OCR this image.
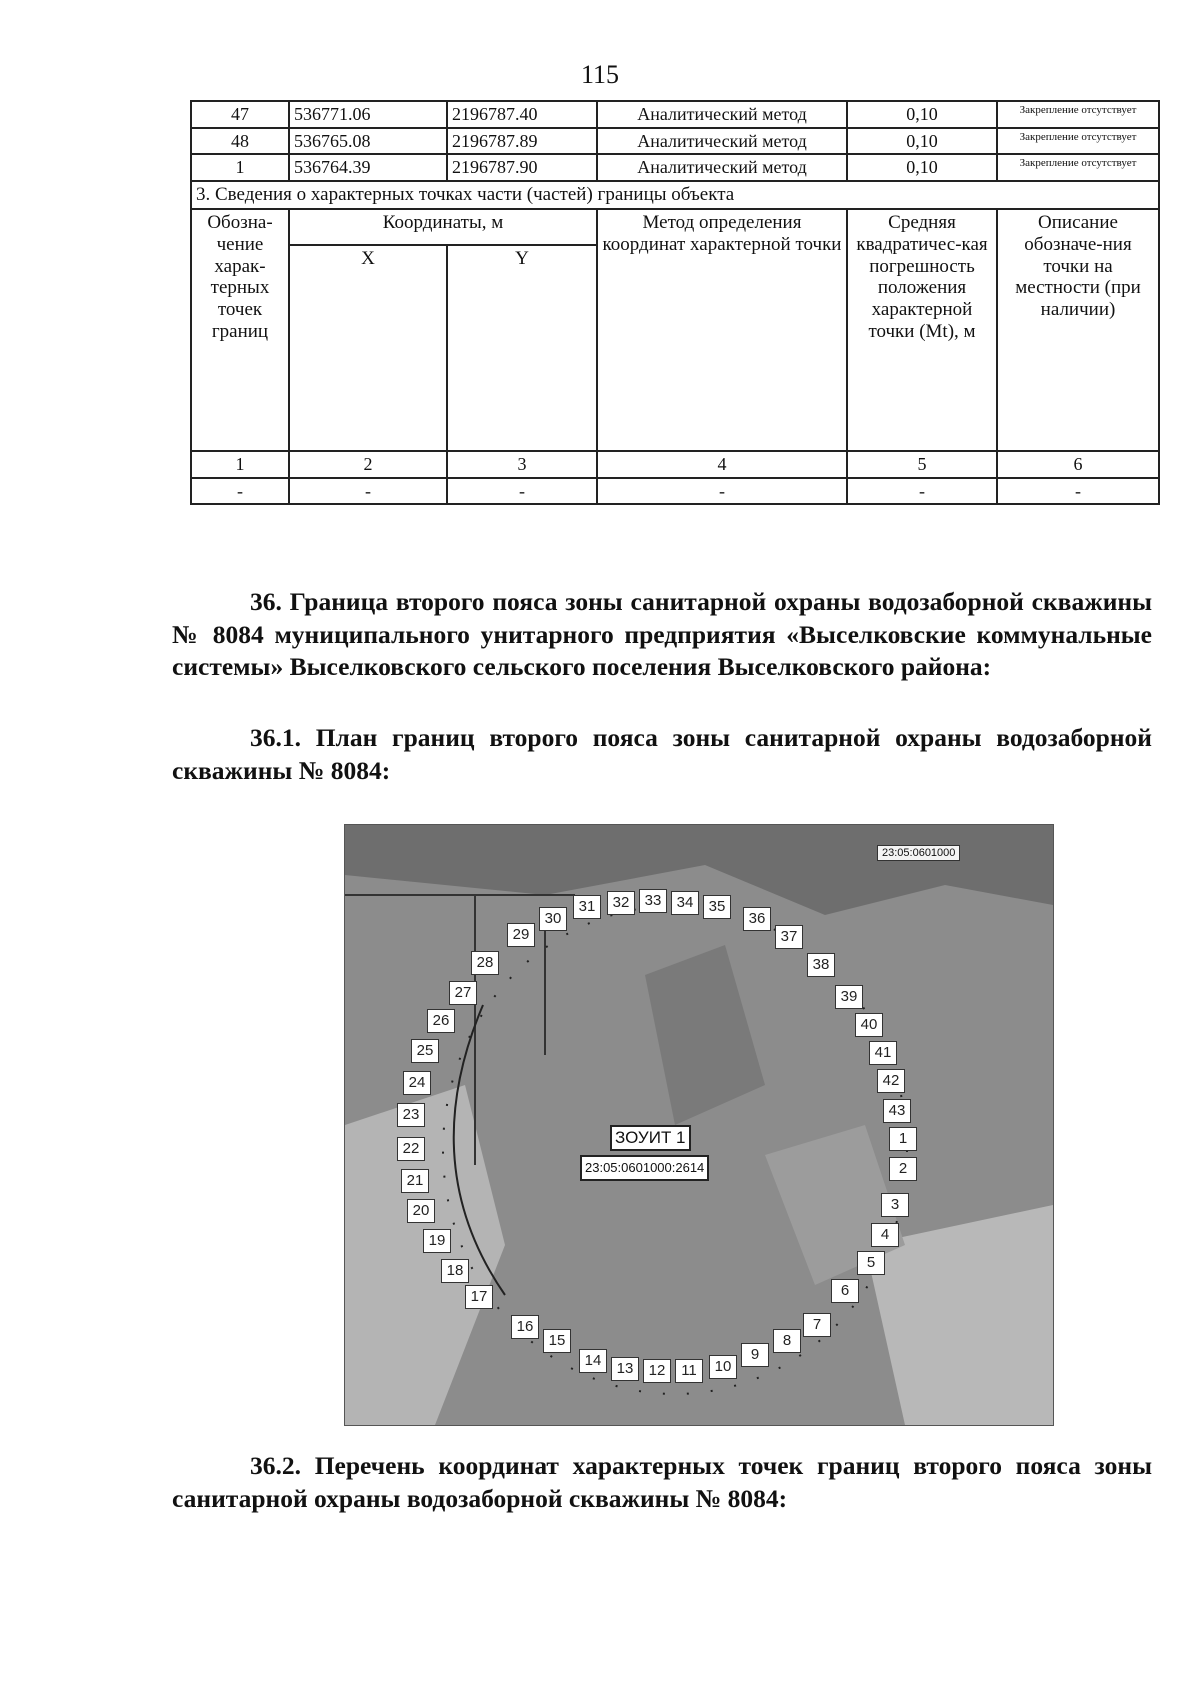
115
47	536771.06	2196787.40	Аналитический метод	0,10	Закрепление отсутствует
48	536765.08	2196787.89	Аналитический метод	0,10	Закрепление отсутствует
1	536764.39	2196787.90	Аналитический метод	0,10	Закрепление отсутствует
3. Сведения о характерных точках части (частей) границы объекта					
Обозна-чение харак-терных точек границ	Координаты, м		Метод определения координат характерной точки	Средняя квадратичес-кая погрешность положения характерной точки (Mt), м	Описание обозначе-ния точки на местности (при наличии)
	X	Y			
1	2	3	4	5	6
-	-	-	-	-	-
36. Граница второго пояса зоны санитарной охраны водозаборной скважины № 8084 муниципального унитарного предприятия «Выселковские коммунальные системы» Выселковского сельского поселения Выселковского района:
36.1. План границ второго пояса зоны санитарной охраны водозаборной скважины № 8084:
23:05:0601000
ЗОУИТ 1
23:05:0601000:2614
1
2
3
4
5
6
7
8
9
10
11
12
13
14
15
16
17
18
19
20
21
22
23
24
25
26
27
28
29
30
31	32	33	34	35
36
37
38
39
40
41
42
43
36.2. Перечень координат характерных точек границ второго пояса зоны санитарной охраны водозаборной скважины № 8084:
